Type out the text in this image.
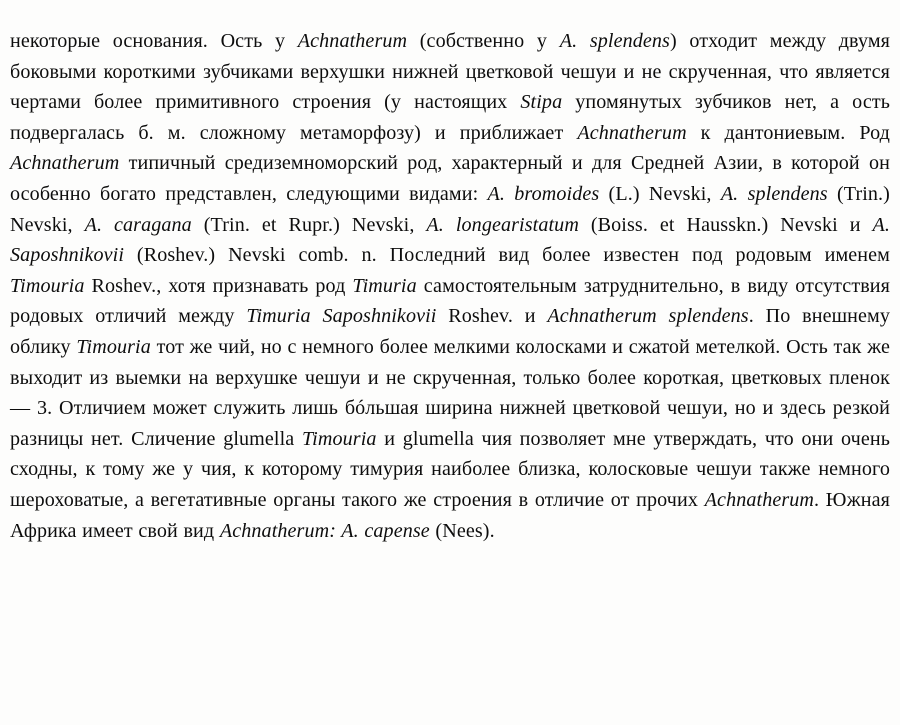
некоторые основания. Ость у Achnatherum (собственно у A. splendens) отходит между двумя боковыми короткими зубчиками верхушки нижней цветковой чешуи и не скрученная, что является чертами более примитивного строения (у настоящих Stipa упомянутых зубчиков нет, а ость подвергалась б. м. сложному метаморфозу) и приближает Achnatherum к дантониевым. Род Achnatherum типичный средиземноморский род, характерный и для Средней Азии, в которой он особенно богато представлен, следующими видами: A. bromoides (L.) Nevski, A. splendens (Trin.) Nevski, A. caragana (Trin. et Rupr.) Nevski, A. longearistatum (Boiss. et Hausskn.) Nevski и A. Saposhnikovii (Roshev.) Nevski comb. n. Последний вид более известен под родовым именем Timouria Roshev., хотя признавать род Timuria самостоятельным затруднительно, в виду отсутствия родовых отличий между Timuria Saposhnikovii Roshev. и Achnatherum splendens. По внешнему облику Timouria тот же чий, но с немного более мелкими колосками и сжатой метелкой. Ость так же выходит из выемки на верхушке чешуи и не скрученная, только более короткая, цветковых пленок — 3. Отличием может служить лишь бóльшая ширина нижней цветковой чешуи, но и здесь резкой разницы нет. Сличение glumella Timouria и glumella чия позволяет мне утверждать, что они очень сходны, к тому же у чия, к которому тимурия наиболее близка, колосковые чешуи также немного шероховатые, а вегетативные органы такого же строения в отличие от прочих Achnatherum. Южная Африка имеет свой вид Achnatherum: A. capense (Nees).
